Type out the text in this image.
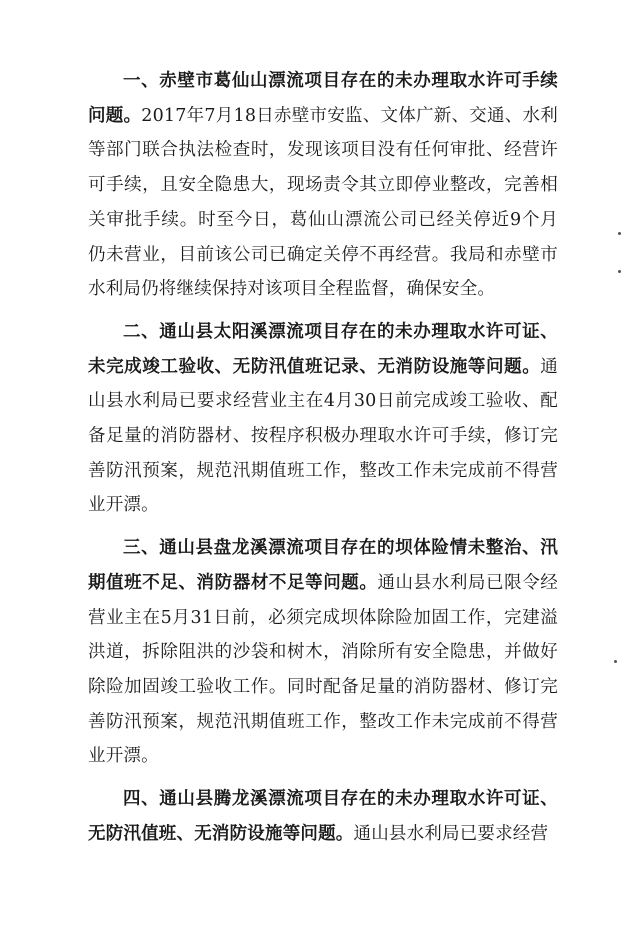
一、赤壁市葛仙山漂流项目存在的未办理取水许可手续问题。2017年7月18日赤壁市安监、文体广新、交通、水利等部门联合执法检查时，发现该项目没有任何审批、经营许可手续，且安全隐患大，现场责令其立即停业整改，完善相关审批手续。时至今日，葛仙山漂流公司已经关停近9个月仍未营业，目前该公司已确定关停不再经营。我局和赤壁市水利局仍将继续保持对该项目全程监督，确保安全。

二、通山县太阳溪漂流项目存在的未办理取水许可证、未完成竣工验收、无防汛值班记录、无消防设施等问题。通山县水利局已要求经营业主在4月30日前完成竣工验收、配备足量的消防器材、按程序积极办理取水许可手续，修订完善防汛预案，规范汛期值班工作，整改工作未完成前不得营业开漂。

三、通山县盘龙溪漂流项目存在的坝体险情未整治、汛期值班不足、消防器材不足等问题。通山县水利局已限令经营业主在5月31日前，必须完成坝体除险加固工作，完建溢洪道，拆除阻洪的沙袋和树木，消除所有安全隐患，并做好除险加固竣工验收工作。同时配备足量的消防器材、修订完善防汛预案，规范汛期值班工作，整改工作未完成前不得营业开漂。

四、通山县腾龙溪漂流项目存在的未办理取水许可证、无防汛值班、无消防设施等问题。通山县水利局已要求经营
